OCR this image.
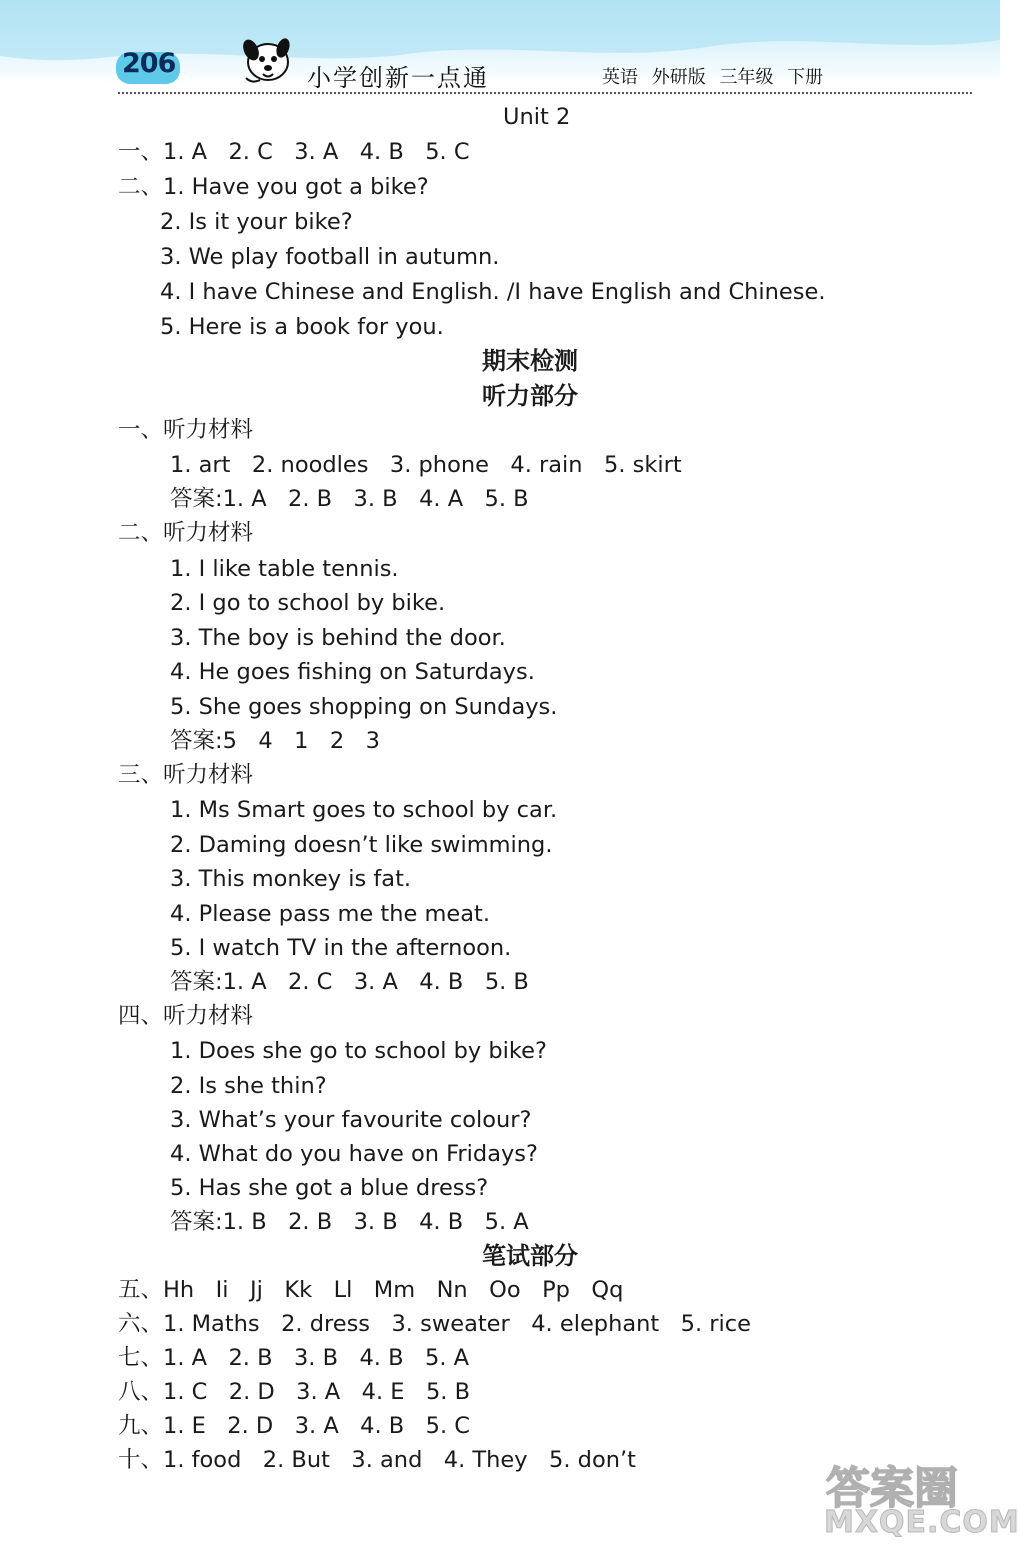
206	小学创新一点通	英语 外研版 三年级 下册
Unit 2
一、1. A   2. C   3. A   4. B   5. C
二、1. Have you got a bike?
2. Is it your bike?
3. We play football in autumn.
4. I have Chinese and English. /I have English and Chinese.
5. Here is a book for you.
期末检测
听力部分
一、听力材料
1. art   2. noodles   3. phone   4. rain   5. skirt
答案:1. A   2. B   3. B   4. A   5. B
二、听力材料
1. I like table tennis.
2. I go to school by bike.
3. The boy is behind the door.
4. He goes fishing on Saturdays.
5. She goes shopping on Sundays.
答案:5   4   1   2   3
三、听力材料
1. Ms Smart goes to school by car.
2. Daming doesn’t like swimming.
3. This monkey is fat.
4. Please pass me the meat.
5. I watch TV in the afternoon.
答案:1. A   2. C   3. A   4. B   5. B
四、听力材料
1. Does she go to school by bike?
2. Is she thin?
3. What’s your favourite colour?
4. What do you have on Fridays?
5. Has she got a blue dress?
答案:1. B   2. B   3. B   4. B   5. A
笔试部分
五、Hh   Ii   Jj   Kk   Ll   Mm   Nn   Oo   Pp   Qq
六、1. Maths   2. dress   3. sweater   4. elephant   5. rice
七、1. A   2. B   3. B   4. B   5. A
八、1. C   2. D   3. A   4. E   5. B
九、1. E   2. D   3. A   4. B   5. C
十、1. food   2. But   3. and   4. They   5. don’t
答案圈
MXQE.COM
